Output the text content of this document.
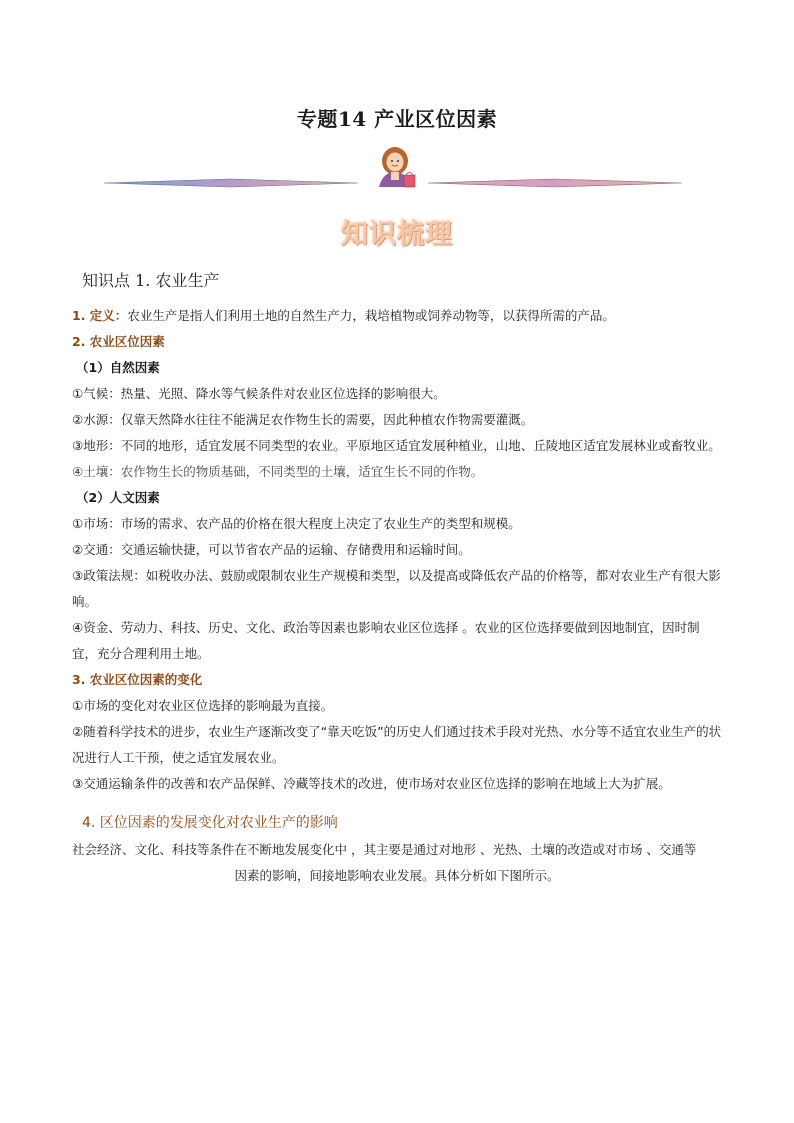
专题14 产业区位因素
知识梳理
知识点 1. 农业生产

1. 定义：农业生产是指人们利用土地的自然生产力，栽培植物或饲养动物等，以获得所需的产品。

2. 农业区位因素

（1）自然因素

①气候：热量、光照、降水等气候条件对农业区位选择的影响很大。

②水源：仅靠天然降水往往不能满足农作物生长的需要，因此种植农作物需要灌溉。

③地形：不同的地形，适宜发展不同类型的农业。平原地区适宜发展种植业，山地、丘陵地区适宜发展林业或畜牧业。

④土壤：农作物生长的物质基础，不同类型的土壤，适宜生长不同的作物。

（2）人文因素

①市场：市场的需求、农产品的价格在很大程度上决定了农业生产的类型和规模。

②交通：交通运输快捷，可以节省农产品的运输、存储费用和运输时间。

③政策法规：如税收办法、鼓励或限制农业生产规模和类型，以及提高或降低农产品的价格等，都对农业生产有很大影响。

④资金、劳动力、科技、历史、文化、政治等因素也影响农业区位选择 。农业的区位选择要做到因地制宜，因时制宜，充分合理利用土地。

3. 农业区位因素的变化

①市场的变化对农业区位选择的影响最为直接。

②随着科学技术的进步，农业生产逐渐改变了“靠天吃饭”的历史人们通过技术手段对光热、水分等不适宜农业生产的状况进行人工干预，使之适宜发展农业。

③交通运输条件的改善和农产品保鲜、冷藏等技术的改进，使市场对农业区位选择的影响在地域上大为扩展。

4. 区位因素的发展变化对农业生产的影响

社会经济、文化、科技等条件在不断地发展变化中 ，其主要是通过对地形 、光热、土壤的改造或对市场 、交通等

因素的影响，间接地影响农业发展。具体分析如下图所示。
